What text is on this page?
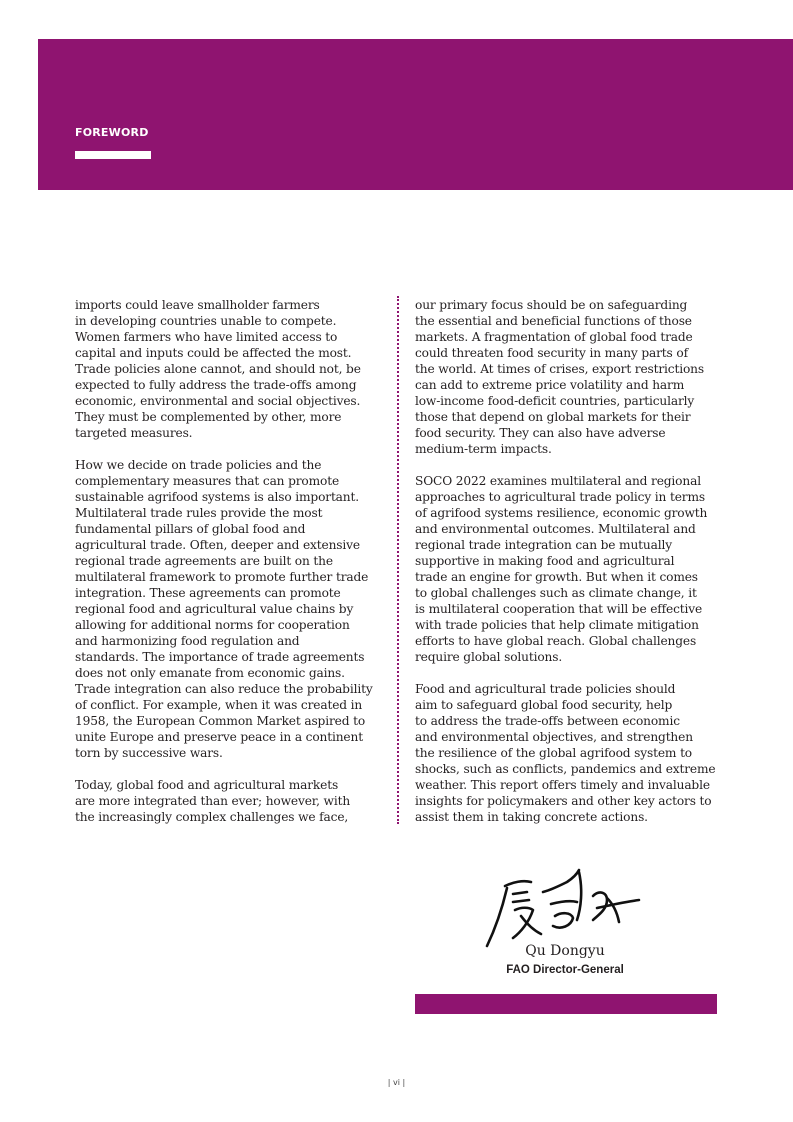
FOREWORD

imports could leave smallholder farmers
in developing countries unable to compete.
Women farmers who have limited access to
capital and inputs could be affected the most.
Trade policies alone cannot, and should not, be
expected to fully address the trade-offs among
economic, environmental and social objectives.
They must be complemented by other, more
targeted measures.

How we decide on trade policies and the
complementary measures that can promote
sustainable agrifood systems is also important.
Multilateral trade rules provide the most
fundamental pillars of global food and
agricultural trade. Often, deeper and extensive
regional trade agreements are built on the
multilateral framework to promote further trade
integration. These agreements can promote
regional food and agricultural value chains by
allowing for additional norms for cooperation
and harmonizing food regulation and
standards. The importance of trade agreements
does not only emanate from economic gains.
Trade integration can also reduce the probability
of conflict. For example, when it was created in
1958, the European Common Market aspired to
unite Europe and preserve peace in a continent
torn by successive wars.

Today, global food and agricultural markets
are more integrated than ever; however, with
the increasingly complex challenges we face,

our primary focus should be on safeguarding
the essential and beneficial functions of those
markets. A fragmentation of global food trade
could threaten food security in many parts of
the world. At times of crises, export restrictions
can add to extreme price volatility and harm
low-income food-deficit countries, particularly
those that depend on global markets for their
food security. They can also have adverse
medium-term impacts.

SOCO 2022 examines multilateral and regional
approaches to agricultural trade policy in terms
of agrifood systems resilience, economic growth
and environmental outcomes. Multilateral and
regional trade integration can be mutually
supportive in making food and agricultural
trade an engine for growth. But when it comes
to global challenges such as climate change, it
is multilateral cooperation that will be effective
with trade policies that help climate mitigation
efforts to have global reach. Global challenges
require global solutions.

Food and agricultural trade policies should
aim to safeguard global food security, help
to address the trade-offs between economic
and environmental objectives, and strengthen
the resilience of the global agrifood system to
shocks, such as conflicts, pandemics and extreme
weather. This report offers timely and invaluable
insights for policymakers and other key actors to
assist them in taking concrete actions.

Qu Dongyu

FAO Director-General

| vi |
